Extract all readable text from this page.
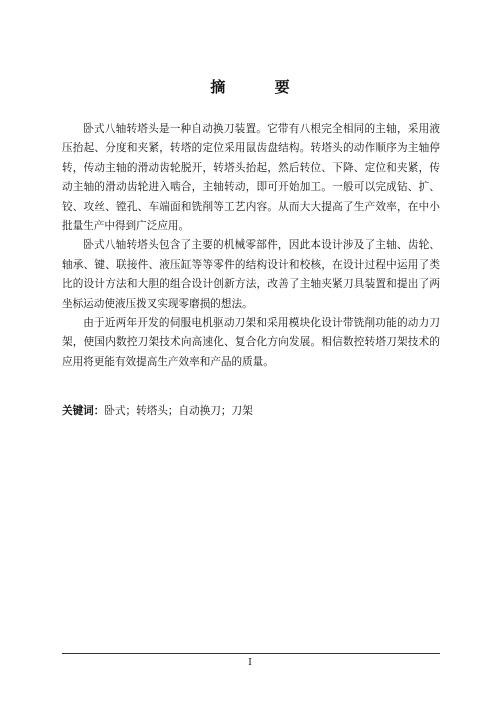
摘 要

卧式八轴转塔头是一种自动换刀装置。它带有八根完全相同的主轴，采用液压抬起、分度和夹紧，转塔的定位采用鼠齿盘结构。转塔头的动作顺序为主轴停转，传动主轴的滑动齿轮脱开，转塔头抬起，然后转位、下降、定位和夹紧，传动主轴的滑动齿轮进入啮合，主轴转动，即可开始加工。一般可以完成钻、扩、铰、攻丝、镗孔、车端面和铣削等工艺内容。从而大大提高了生产效率，在中小批量生产中得到广泛应用。

卧式八轴转塔头包含了主要的机械零部件，因此本设计涉及了主轴、齿轮、轴承、键、联接件、液压缸等等零件的结构设计和校核，在设计过程中运用了类比的设计方法和大胆的组合设计创新方法，改善了主轴夹紧刀具装置和提出了两坐标运动使液压拨叉实现零磨损的想法。

由于近两年开发的伺服电机驱动刀架和采用模块化设计带铣削功能的动力刀架，使国内数控刀架技术向高速化、复合化方向发展。相信数控转塔刀架技术的应用将更能有效提高生产效率和产品的质量。

关键词：卧式；转塔头；自动换刀；刀架
I
